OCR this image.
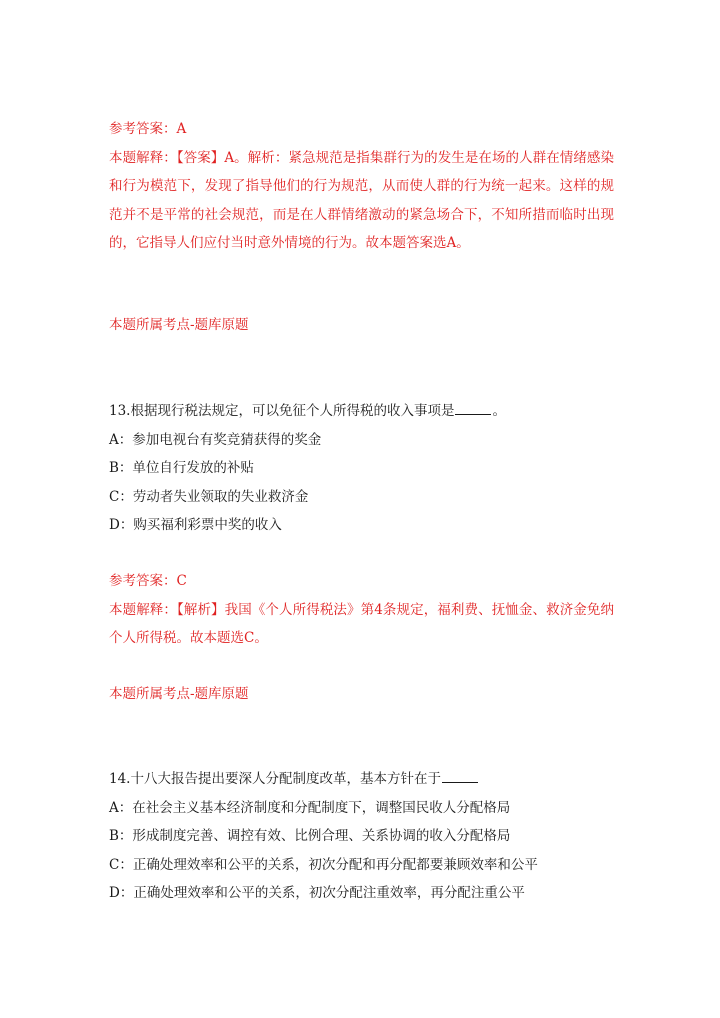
参考答案：A
本题解释：【答案】A。解析：紧急规范是指集群行为的发生是在场的人群在情绪感染和行为模范下，发现了指导他们的行为规范，从而使人群的行为统一起来。这样的规范并不是平常的社会规范，而是在人群情绪激动的紧急场合下，不知所措而临时出现的，它指导人们应付当时意外情境的行为。故本题答案选A。
本题所属考点-题库原题
13.根据现行税法规定，可以免征个人所得税的收入事项是	。
A：参加电视台有奖竞猜获得的奖金
B：单位自行发放的补贴
C：劳动者失业领取的失业救济金
D：购买福利彩票中奖的收入
参考答案：C
本题解释：【解析】我国《个人所得税法》第4条规定，福利费、抚恤金、救济金免纳个人所得税。故本题选C。
本题所属考点-题库原题
14.十八大报告提出要深人分配制度改革，基本方针在于
A：在社会主义基本经济制度和分配制度下，调整国民收人分配格局
B：形成制度完善、调控有效、比例合理、关系协调的收入分配格局
C：正确处理效率和公平的关系，初次分配和再分配都要兼顾效率和公平
D：正确处理效率和公平的关系，初次分配注重效率，再分配注重公平
